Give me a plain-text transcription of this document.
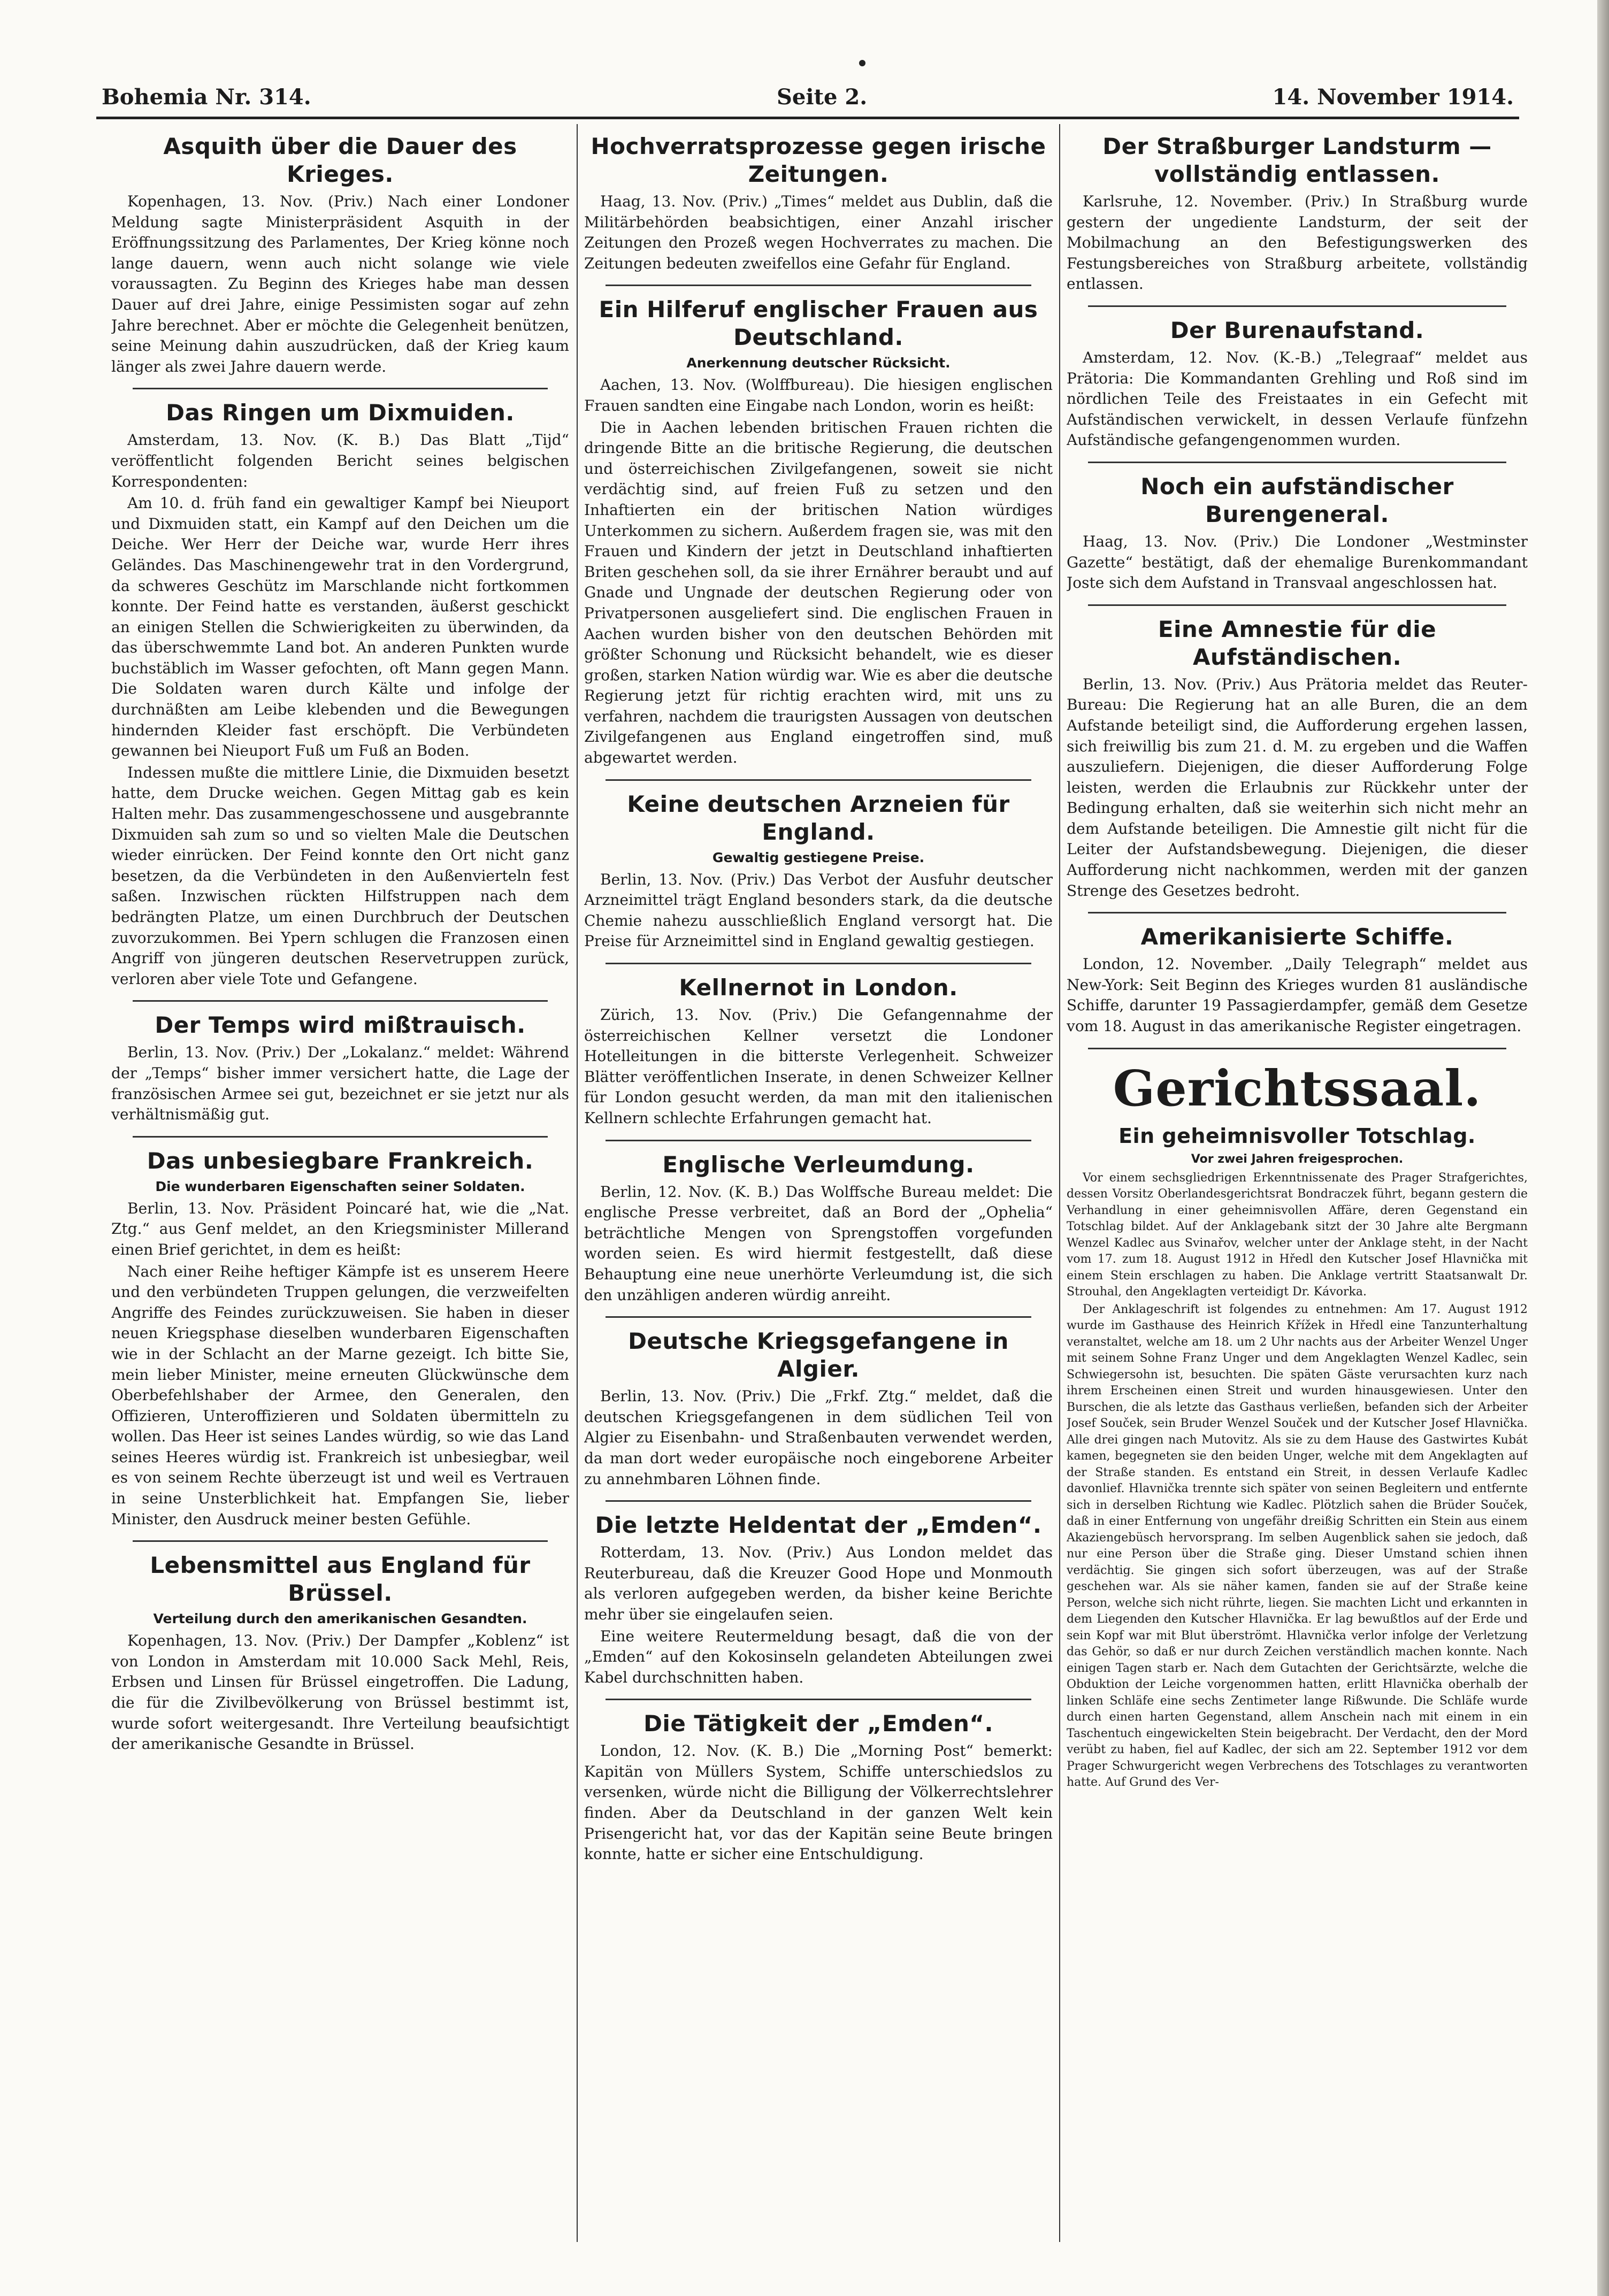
Bohemia Nr. 314.	Seite 2.	14. November 1914.
Asquith über die Dauer des Krieges.

Kopenhagen, 13. Nov. (Priv.) Nach einer Londoner Meldung sagte Ministerpräsident Asquith in der Eröffnungssitzung des Parlamentes, Der Krieg könne noch lange dauern, wenn auch nicht solange wie viele voraussagten. Zu Beginn des Krieges habe man dessen Dauer auf drei Jahre, einige Pessimisten sogar auf zehn Jahre berechnet. Aber er möchte die Gelegenheit benützen, seine Meinung dahin auszudrücken, daß der Krieg kaum länger als zwei Jahre dauern werde.

Das Ringen um Dixmuiden.

Amsterdam, 13. Nov. (K. B.) Das Blatt „Tijd“ veröffentlicht folgenden Bericht seines belgischen Korrespondenten:

Am 10. d. früh fand ein gewaltiger Kampf bei Nieuport und Dixmuiden statt, ein Kampf auf den Deichen um die Deiche. Wer Herr der Deiche war, wurde Herr ihres Geländes. Das Maschinengewehr trat in den Vordergrund, da schweres Geschütz im Marschlande nicht fortkommen konnte. Der Feind hatte es verstanden, äußerst geschickt an einigen Stellen die Schwierigkeiten zu überwinden, da das überschwemmte Land bot. An anderen Punkten wurde buchstäblich im Wasser gefochten, oft Mann gegen Mann. Die Soldaten waren durch Kälte und infolge der durchnäßten am Leibe klebenden und die Bewegungen hindernden Kleider fast erschöpft. Die Verbündeten gewannen bei Nieuport Fuß um Fuß an Boden.

Indessen mußte die mittlere Linie, die Dixmuiden besetzt hatte, dem Drucke weichen. Gegen Mittag gab es kein Halten mehr. Das zusammengeschossene und ausgebrannte Dixmuiden sah zum so und so vielten Male die Deutschen wieder einrücken. Der Feind konnte den Ort nicht ganz besetzen, da die Verbündeten in den Außenvierteln fest saßen. Inzwischen rückten Hilfstruppen nach dem bedrängten Platze, um einen Durchbruch der Deutschen zuvorzukommen. Bei Ypern schlugen die Franzosen einen Angriff von jüngeren deutschen Reservetruppen zurück, verloren aber viele Tote und Gefangene.

Der Temps wird mißtrauisch.

Berlin, 13. Nov. (Priv.) Der „Lokalanz.“ meldet: Während der „Temps“ bisher immer versichert hatte, die Lage der französischen Armee sei gut, bezeichnet er sie jetzt nur als verhältnismäßig gut.

Das unbesiegbare Frankreich.
Die wunderbaren Eigenschaften seiner Soldaten.

Berlin, 13. Nov. Präsident Poincaré hat, wie die „Nat. Ztg.“ aus Genf meldet, an den Kriegsminister Millerand einen Brief gerichtet, in dem es heißt:

Nach einer Reihe heftiger Kämpfe ist es unserem Heere und den verbündeten Truppen gelungen, die verzweifelten Angriffe des Feindes zurückzuweisen. Sie haben in dieser neuen Kriegsphase dieselben wunderbaren Eigenschaften wie in der Schlacht an der Marne gezeigt. Ich bitte Sie, mein lieber Minister, meine erneuten Glückwünsche dem Oberbefehlshaber der Armee, den Generalen, den Offizieren, Unteroffizieren und Soldaten übermitteln zu wollen. Das Heer ist seines Landes würdig, so wie das Land seines Heeres würdig ist. Frankreich ist unbesiegbar, weil es von seinem Rechte überzeugt ist und weil es Vertrauen in seine Unsterblichkeit hat. Empfangen Sie, lieber Minister, den Ausdruck meiner besten Gefühle.

Lebensmittel aus England für Brüssel.
Verteilung durch den amerikanischen Gesandten.

Kopenhagen, 13. Nov. (Priv.) Der Dampfer „Koblenz“ ist von London in Amsterdam mit 10.000 Sack Mehl, Reis, Erbsen und Linsen für Brüssel eingetroffen. Die Ladung, die für die Zivilbevölkerung von Brüssel bestimmt ist, wurde sofort weitergesandt. Ihre Verteilung beaufsichtigt der amerikanische Gesandte in Brüssel.

Hochverratsprozesse gegen irische Zeitungen.

Haag, 13. Nov. (Priv.) „Times“ meldet aus Dublin, daß die Militärbehörden beabsichtigen, einer Anzahl irischer Zeitungen den Prozeß wegen Hochverrates zu machen. Die Zeitungen bedeuten zweifellos eine Gefahr für England.

Ein Hilferuf englischer Frauen aus Deutschland.
Anerkennung deutscher Rücksicht.

Aachen, 13. Nov. (Wolffbureau). Die hiesigen englischen Frauen sandten eine Eingabe nach London, worin es heißt:

Die in Aachen lebenden britischen Frauen richten die dringende Bitte an die britische Regierung, die deutschen und österreichischen Zivilgefangenen, soweit sie nicht verdächtig sind, auf freien Fuß zu setzen und den Inhaftierten ein der britischen Nation würdiges Unterkommen zu sichern. Außerdem fragen sie, was mit den Frauen und Kindern der jetzt in Deutschland inhaftierten Briten geschehen soll, da sie ihrer Ernährer beraubt und auf Gnade und Ungnade der deutschen Regierung oder von Privatpersonen ausgeliefert sind. Die englischen Frauen in Aachen wurden bisher von den deutschen Behörden mit größter Schonung und Rücksicht behandelt, wie es dieser großen, starken Nation würdig war. Wie es aber die deutsche Regierung jetzt für richtig erachten wird, mit uns zu verfahren, nachdem die traurigsten Aussagen von deutschen Zivilgefangenen aus England eingetroffen sind, muß abgewartet werden.

Keine deutschen Arzneien für England.
Gewaltig gestiegene Preise.

Berlin, 13. Nov. (Priv.) Das Verbot der Ausfuhr deutscher Arzneimittel trägt England besonders stark, da die deutsche Chemie nahezu ausschließlich England versorgt hat. Die Preise für Arzneimittel sind in England gewaltig gestiegen.

Kellnernot in London.

Zürich, 13. Nov. (Priv.) Die Gefangennahme der österreichischen Kellner versetzt die Londoner Hotelleitungen in die bitterste Verlegenheit. Schweizer Blätter veröffentlichen Inserate, in denen Schweizer Kellner für London gesucht werden, da man mit den italienischen Kellnern schlechte Erfahrungen gemacht hat.

Englische Verleumdung.

Berlin, 12. Nov. (K. B.) Das Wolffsche Bureau meldet: Die englische Presse verbreitet, daß an Bord der „Ophelia“ beträchtliche Mengen von Sprengstoffen vorgefunden worden seien. Es wird hiermit festgestellt, daß diese Behauptung eine neue unerhörte Verleumdung ist, die sich den unzähligen anderen würdig anreiht.

Deutsche Kriegsgefangene in Algier.

Berlin, 13. Nov. (Priv.) Die „Frkf. Ztg.“ meldet, daß die deutschen Kriegsgefangenen in dem südlichen Teil von Algier zu Eisenbahn- und Straßenbauten verwendet werden, da man dort weder europäische noch eingeborene Arbeiter zu annehmbaren Löhnen finde.

Die letzte Heldentat der „Emden“.

Rotterdam, 13. Nov. (Priv.) Aus London meldet das Reuterbureau, daß die Kreuzer Good Hope und Monmouth als verloren aufgegeben werden, da bisher keine Berichte mehr über sie eingelaufen seien.

Eine weitere Reutermeldung besagt, daß die von der „Emden“ auf den Kokosinseln gelandeten Abteilungen zwei Kabel durchschnitten haben.

Die Tätigkeit der „Emden“.

London, 12. Nov. (K. B.) Die „Morning Post“ bemerkt: Kapitän von Müllers System, Schiffe unterschiedslos zu versenken, würde nicht die Billigung der Völkerrechtslehrer finden. Aber da Deutschland in der ganzen Welt kein Prisengericht hat, vor das der Kapitän seine Beute bringen konnte, hatte er sicher eine Entschuldigung.

Der Straßburger Landsturm — vollständig entlassen.

Karlsruhe, 12. November. (Priv.) In Straßburg wurde gestern der ungediente Landsturm, der seit der Mobilmachung an den Befestigungswerken des Festungsbereiches von Straßburg arbeitete, vollständig entlassen.

Der Burenaufstand.

Amsterdam, 12. Nov. (K.-B.) „Telegraaf“ meldet aus Prätoria: Die Kommandanten Grehling und Roß sind im nördlichen Teile des Freistaates in ein Gefecht mit Aufständischen verwickelt, in dessen Verlaufe fünfzehn Aufständische gefangengenommen wurden.

Noch ein aufständischer Burengeneral.

Haag, 13. Nov. (Priv.) Die Londoner „Westminster Gazette“ bestätigt, daß der ehemalige Burenkommandant Joste sich dem Aufstand in Transvaal angeschlossen hat.

Eine Amnestie für die Aufständischen.

Berlin, 13. Nov. (Priv.) Aus Prätoria meldet das Reuter-Bureau: Die Regierung hat an alle Buren, die an dem Aufstande beteiligt sind, die Aufforderung ergehen lassen, sich freiwillig bis zum 21. d. M. zu ergeben und die Waffen auszuliefern. Diejenigen, die dieser Aufforderung Folge leisten, werden die Erlaubnis zur Rückkehr unter der Bedingung erhalten, daß sie weiterhin sich nicht mehr an dem Aufstande beteiligen. Die Amnestie gilt nicht für die Leiter der Aufstandsbewegung. Diejenigen, die dieser Aufforderung nicht nachkommen, werden mit der ganzen Strenge des Gesetzes bedroht.

Amerikanisierte Schiffe.

London, 12. November. „Daily Telegraph“ meldet aus New-York: Seit Beginn des Krieges wurden 81 ausländische Schiffe, darunter 19 Passagierdampfer, gemäß dem Gesetze vom 18. August in das amerikanische Register eingetragen.

Gerichtssaal.
Ein geheimnisvoller Totschlag.
Vor zwei Jahren freigesprochen.

Vor einem sechsgliedrigen Erkenntnissenate des Prager Strafgerichtes, dessen Vorsitz Oberlandesgerichtsrat Bondraczek führt, begann gestern die Verhandlung in einer geheimnisvollen Affäre, deren Gegenstand ein Totschlag bildet. Auf der Anklagebank sitzt der 30 Jahre alte Bergmann Wenzel Kadlec aus Svinařov, welcher unter der Anklage steht, in der Nacht vom 17. zum 18. August 1912 in Hředl den Kutscher Josef Hlavnička mit einem Stein erschlagen zu haben. Die Anklage vertritt Staatsanwalt Dr. Strouhal, den Angeklagten verteidigt Dr. Kávorka.

Der Anklageschrift ist folgendes zu entnehmen: Am 17. August 1912 wurde im Gasthause des Heinrich Křížek in Hředl eine Tanzunterhaltung veranstaltet, welche am 18. um 2 Uhr nachts aus der Arbeiter Wenzel Unger mit seinem Sohne Franz Unger und dem Angeklagten Wenzel Kadlec, sein Schwiegersohn ist, besuchten. Die späten Gäste verursachten kurz nach ihrem Erscheinen einen Streit und wurden hinausgewiesen. Unter den Burschen, die als letzte das Gasthaus verließen, befanden sich der Arbeiter Josef Souček, sein Bruder Wenzel Souček und der Kutscher Josef Hlavnička. Alle drei gingen nach Mutovitz. Als sie zu dem Hause des Gastwirtes Kubát kamen, begegneten sie den beiden Unger, welche mit dem Angeklagten auf der Straße standen. Es entstand ein Streit, in dessen Verlaufe Kadlec davonlief. Hlavnička trennte sich später von seinen Begleitern und entfernte sich in derselben Richtung wie Kadlec. Plötzlich sahen die Brüder Souček, daß in einer Entfernung von ungefähr dreißig Schritten ein Stein aus einem Akaziengebüsch hervorsprang. Im selben Augenblick sahen sie jedoch, daß nur eine Person über die Straße ging. Dieser Umstand schien ihnen verdächtig. Sie gingen sich sofort überzeugen, was auf der Straße geschehen war. Als sie näher kamen, fanden sie auf der Straße keine Person, welche sich nicht rührte, liegen. Sie machten Licht und erkannten in dem Liegenden den Kutscher Hlavnička. Er lag bewußtlos auf der Erde und sein Kopf war mit Blut überströmt. Hlavnička verlor infolge der Verletzung das Gehör, so daß er nur durch Zeichen verständlich machen konnte. Nach einigen Tagen starb er. Nach dem Gutachten der Gerichtsärzte, welche die Obduktion der Leiche vorgenommen hatten, erlitt Hlavnička oberhalb der linken Schläfe eine sechs Zentimeter lange Rißwunde. Die Schläfe wurde durch einen harten Gegenstand, allem Anschein nach mit einem in ein Taschentuch eingewickelten Stein beigebracht. Der Verdacht, den der Mord verübt zu haben, fiel auf Kadlec, der sich am 22. September 1912 vor dem Prager Schwurgericht wegen Verbrechens des Totschlages zu verantworten hatte. Auf Grund des Ver-
